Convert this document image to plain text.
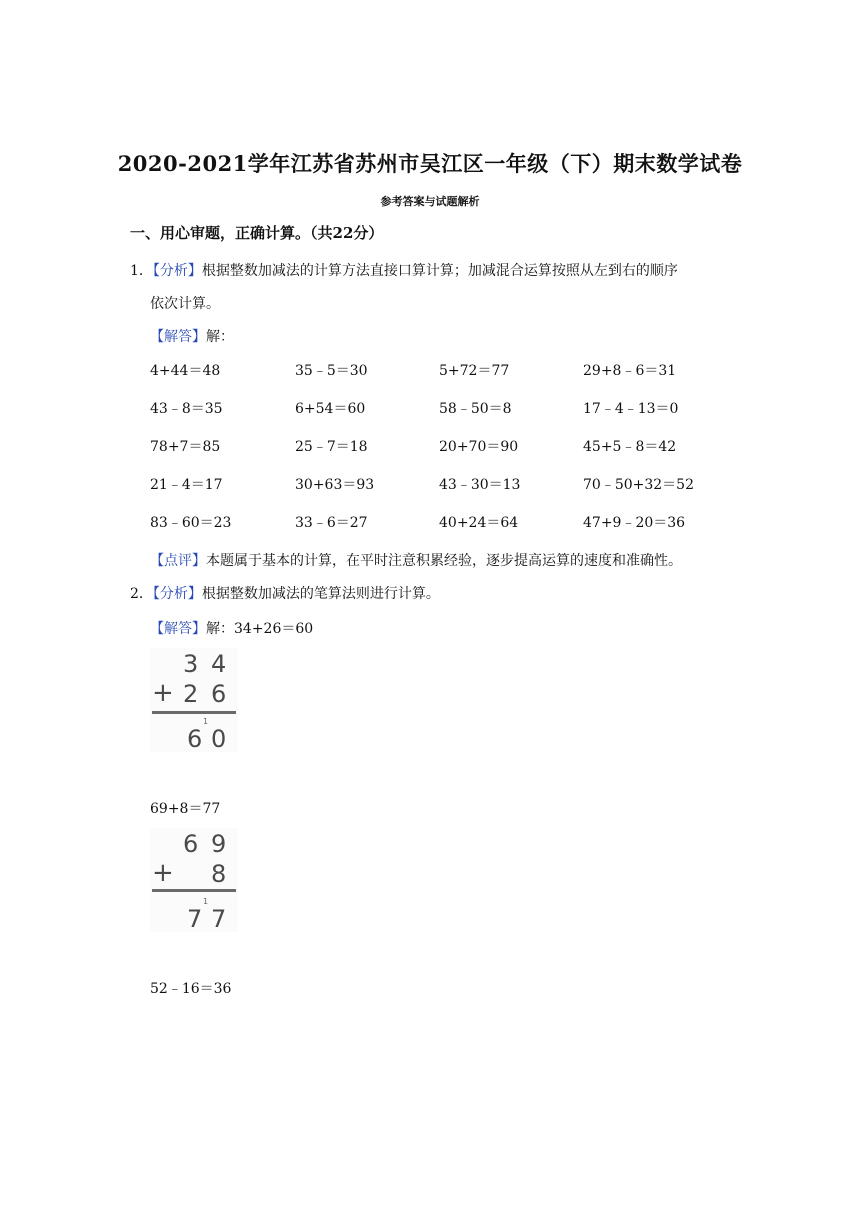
2020-2021学年江苏省苏州市吴江区一年级（下）期末数学试卷
参考答案与试题解析
一、用心审题，正确计算。（共22分）
1．【分析】根据整数加减法的计算方法直接口算计算；加减混合运算按照从左到右的顺序
依次计算。
【解答】解：
4+44＝48	35﹣5＝30	5+72＝77	29+8﹣6＝31
43﹣8＝35	6+54＝60	58﹣50＝8	17﹣4﹣13＝0
78+7＝85	25﹣7＝18	20+70＝90	45+5﹣8＝42
21﹣4＝17	30+63＝93	43﹣30＝13	70﹣50+32＝52
83﹣60＝23	33﹣6＝27	40+24＝64	47+9﹣20＝36
【点评】本题属于基本的计算，在平时注意积累经验，逐步提高运算的速度和准确性。
2．【分析】根据整数加减法的笔算法则进行计算。
【解答】解：34+26＝60
3 4
+ 2 6
1
6 0
69+8＝77
6 9
+ 8
1
7 7
52﹣16＝36
